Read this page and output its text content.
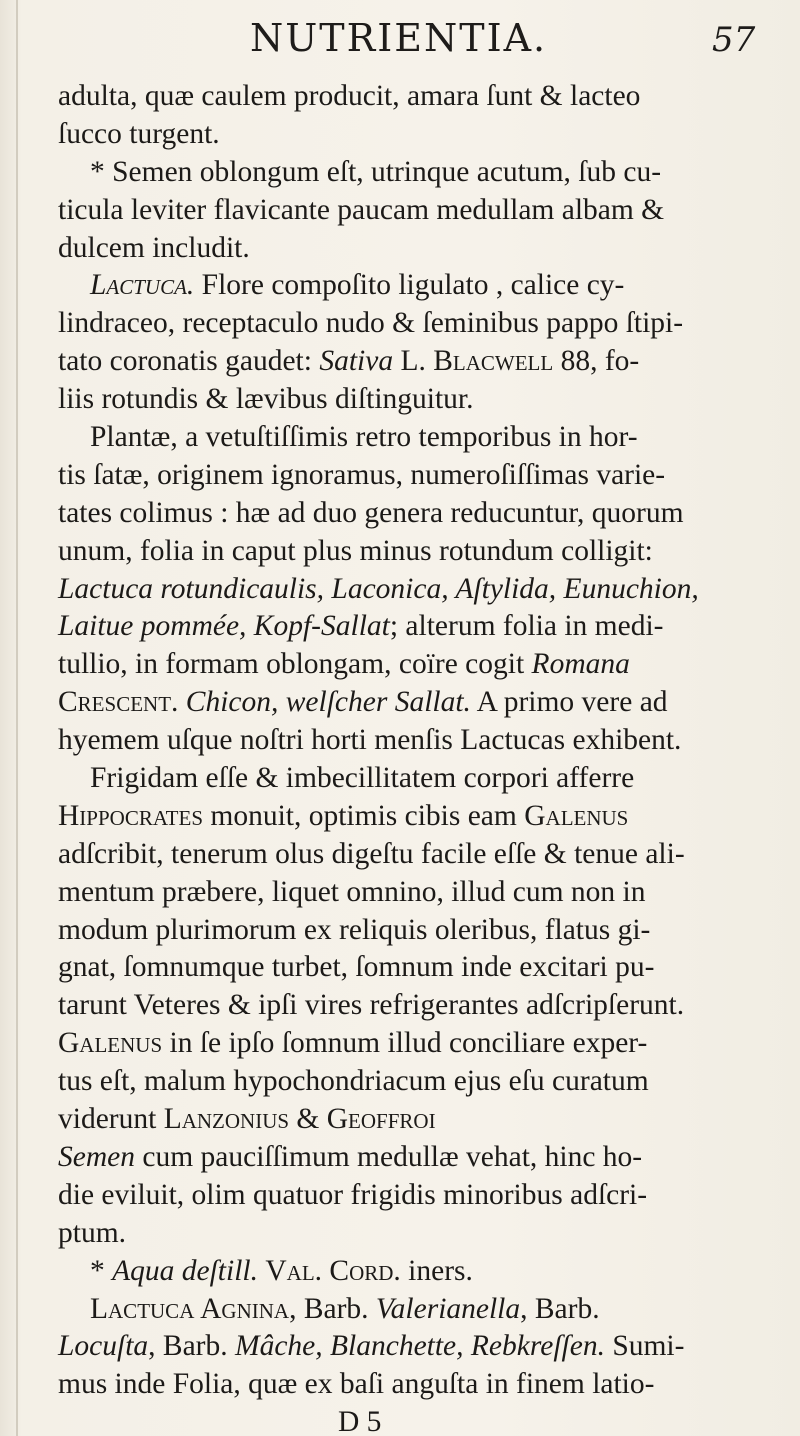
NUTRIENTIA.	57
adulta, quæ caulem producit, amara ſunt & lacteo
ſucco turgent.
* Semen oblongum eſt, utrinque acutum, ſub cu-
ticula leviter flavicante paucam medullam albam &
dulcem includit.
Lactuca. Flore compoſito ligulato , calice cy-
lindraceo, receptaculo nudo & ſeminibus pappo ſtipi-
tato coronatis gaudet: Sativa L. Blacwell 88, fo-
liis rotundis & lævibus diſtinguitur.
Plantæ, a vetuſtiſſimis retro temporibus in hor-
tis ſatæ, originem ignoramus, numeroſiſſimas varie-
tates colimus : hæ ad duo genera reducuntur, quorum
unum, folia in caput plus minus rotundum colligit:
Lactuca rotundicaulis, Laconica, Aſtylida, Eunuchion,
Laitue pommée, Kopf-Sallat; alterum folia in medi-
tullio, in formam oblongam, coïre cogit Romana
Crescent. Chicon, welſcher Sallat. A primo vere ad
hyemem uſque noſtri horti menſis Lactucas exhibent.
Frigidam eſſe & imbecillitatem corpori afferre
Hippocrates monuit, optimis cibis eam Galenus
adſcribit, tenerum olus digeſtu facile eſſe & tenue ali-
mentum præbere, liquet omnino, illud cum non in
modum plurimorum ex reliquis oleribus, flatus gi-
gnat, ſomnumque turbet, ſomnum inde excitari pu-
tarunt Veteres & ipſi vires refrigerantes adſcripſerunt.
Galenus in ſe ipſo ſomnum illud conciliare exper-
tus eſt, malum hypochondriacum ejus eſu curatum
viderunt Lanzonius & Geoffroi
Semen cum pauciſſimum medullæ vehat, hinc ho-
die eviluit, olim quatuor frigidis minoribus adſcri-
ptum.
* Aqua deſtill. Val. Cord. iners.
Lactuca Agnina, Barb. Valerianella, Barb.
Locuſta, Barb. Mâche, Blanchette, Rebkreſſen. Sumi-
mus inde Folia, quæ ex baſi anguſta in finem latio-
D 5
